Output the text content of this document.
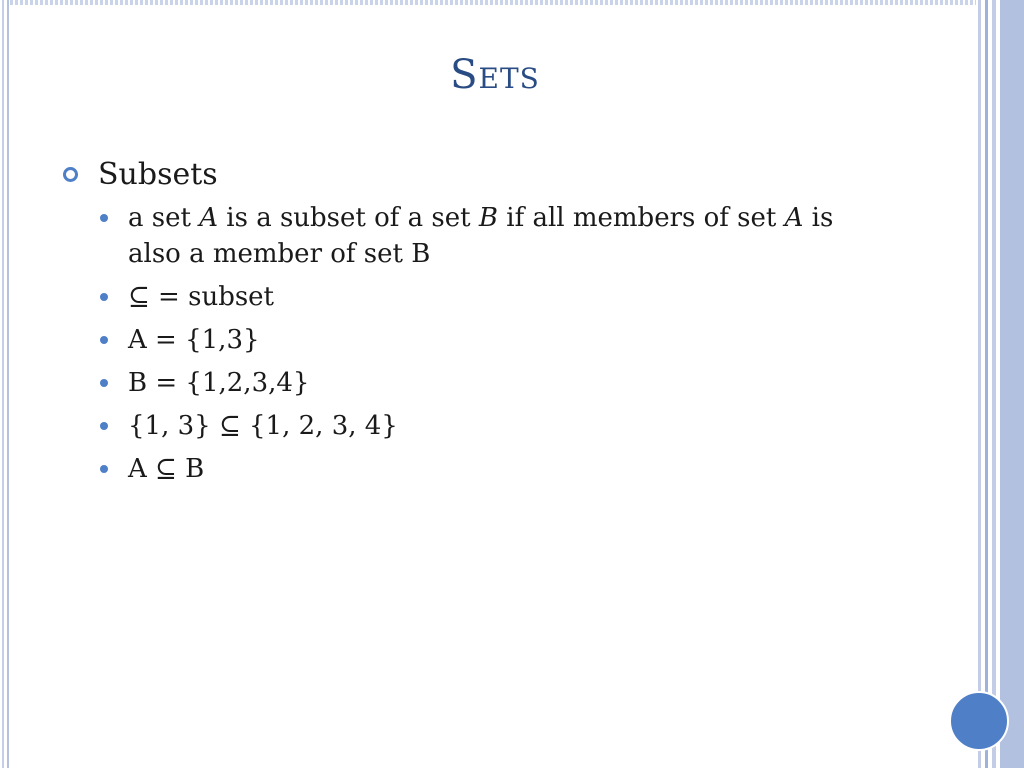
Sets
Subsets
a set A is a subset of a set B if all members of set A is also a member of set B
⊆ = subset
A = {1,3}
B = {1,2,3,4}
{1, 3} ⊆ {1, 2, 3, 4}
A ⊆ B
